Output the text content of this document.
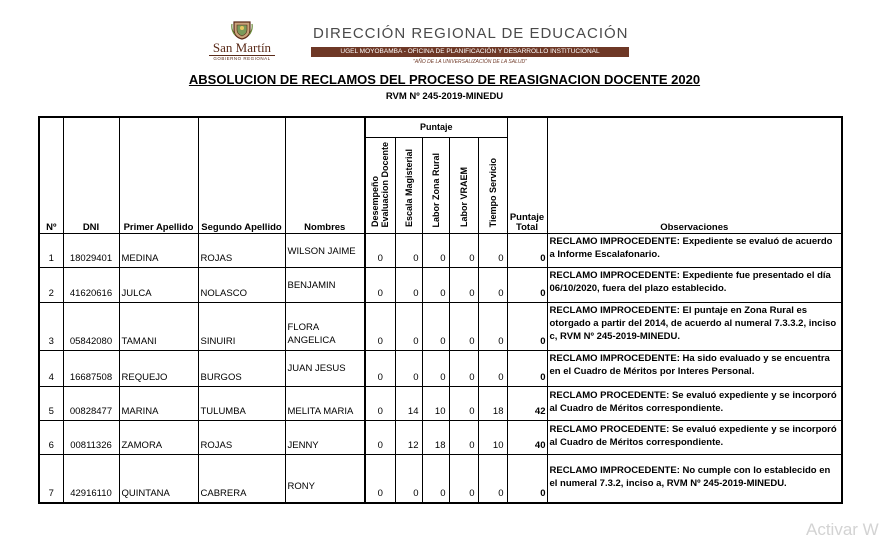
San Martín
GOBIERNO REGIONAL
DIRECCIÓN REGIONAL DE EDUCACIÓN
UGEL MOYOBAMBA - OFICINA DE PLANIFICACIÓN Y DESARROLLO INSTITUCIONAL
"AÑO DE LA UNIVERSALIZACIÓN DE LA SALUD"
ABSOLUCION DE RECLAMOS DEL PROCESO DE REASIGNACION DOCENTE 2020
RVM Nº 245-2019-MINEDU
Nº	DNI	Primer Apellido	Segundo Apellido	Nombres	Puntaje					Puntaje Total	Observaciones
					DesempeñoEvaluacion Docente	Escala Magisterial	Labor Zona Rural	Labor VRAEM	Tiempo Servicio		
1	18029401	MEDINA	ROJAS	WILSON JAIME	0	0	0	0	0	0	RECLAMO IMPROCEDENTE: Expediente se evaluó de acuerdo a Informe Escalafonario.
2	41620616	JULCA	NOLASCO	BENJAMIN	0	0	0	0	0	0	RECLAMO IMPROCEDENTE: Expediente fue presentado el día 06/10/2020, fuera del plazo establecido.
3	05842080	TAMANI	SINUIRI	FLORA ANGELICA	0	0	0	0	0	0	RECLAMO IMPROCEDENTE: El puntaje en Zona Rural es otorgado a partir del 2014, de acuerdo al numeral 7.3.3.2, inciso c, RVM Nº 245-2019-MINEDU.
4	16687508	REQUEJO	BURGOS	JUAN JESUS	0	0	0	0	0	0	RECLAMO IMPROCEDENTE: Ha sido evaluado y se encuentra en el Cuadro de Méritos por Interes Personal.
5	00828477	MARINA	TULUMBA	MELITA MARIA	0	14	10	0	18	42	RECLAMO PROCEDENTE: Se evaluó expediente y se incorporó al Cuadro de Méritos correspondiente.
6	00811326	ZAMORA	ROJAS	JENNY	0	12	18	0	10	40	RECLAMO PROCEDENTE: Se evaluó expediente y se incorporó al Cuadro de Méritos correspondiente.
7	42916110	QUINTANA	CABRERA	RONY	0	0	0	0	0	0	RECLAMO IMPROCEDENTE: No cumple con lo establecido en el numeral 7.3.2, inciso a, RVM Nº 245-2019-MINEDU.
Activar W
